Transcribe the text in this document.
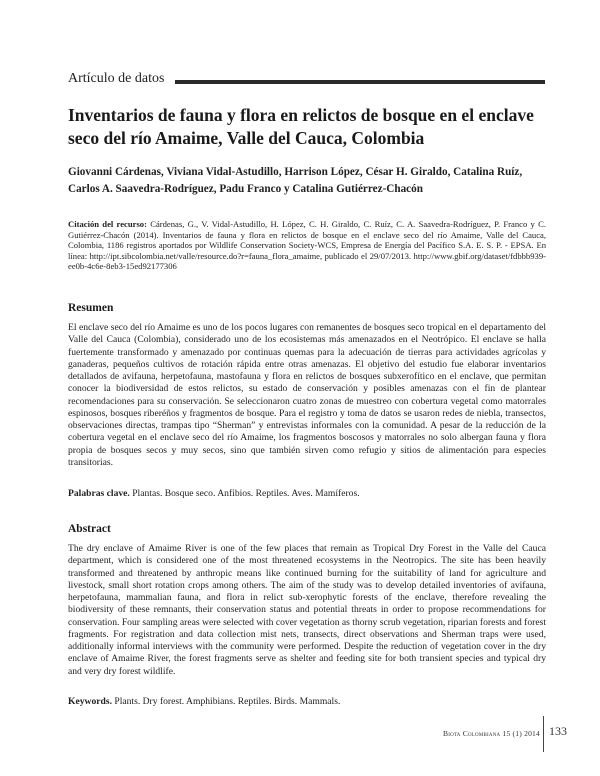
Artículo de datos
Inventarios de fauna y flora en relictos de bosque en el enclave seco del río Amaime, Valle del Cauca, Colombia

Giovanni Cárdenas, Viviana Vidal-Astudillo, Harrison López, César H. Giraldo, Catalina Ruíz, Carlos A. Saavedra-Rodríguez, Padu Franco y Catalina Gutiérrez-Chacón

Citación del recurso: Cárdenas, G., V. Vidal-Astudillo, H. López, C. H. Giraldo, C. Ruíz, C. A. Saavedra-Rodríguez, P. Franco y C. Gutiérrez-Chacón (2014). Inventarios de fauna y flora en relictos de bosque en el enclave seco del río Amaime, Valle del Cauca, Colombia, 1186 registros aportados por Wildlife Conservation Society-WCS, Empresa de Energía del Pacífico S.A. E. S. P. - EPSA. En línea: http://ipt.sibcolombia.net/valle/resource.do?r=fauna_flora_amaime, publicado el 29/07/2013. http://www.gbif.org/dataset/fdbbb939-ee0b-4c6e-8eb3-15ed92177306

Resumen

El enclave seco del río Amaime es uno de los pocos lugares con remanentes de bosques seco tropical en el departamento del Valle del Cauca (Colombia), considerado uno de los ecosistemas más amenazados en el Neotrópico. El enclave se halla fuertemente transformado y amenazado por continuas quemas para la adecuación de tierras para actividades agrícolas y ganaderas, pequeños cultivos de rotación rápida entre otras amenazas. El objetivo del estudio fue elaborar inventarios detallados de avifauna, herpetofauna, mastofauna y flora en relictos de bosques subxerofítico en el enclave, que permitan conocer la biodiversidad de estos relictos, su estado de conservación y posibles amenazas con el fin de plantear recomendaciones para su conservación. Se seleccionaron cuatro zonas de muestreo con cobertura vegetal como matorrales espinosos, bosques riberéños y fragmentos de bosque. Para el registro y toma de datos se usaron redes de niebla, transectos, observaciones directas, trampas tipo “Sherman” y entrevistas informales con la comunidad. A pesar de la reducción de la cobertura vegetal en el enclave seco del río Amaime, los fragmentos boscosos y matorrales no solo albergan fauna y flora propia de bosques secos y muy secos, sino que también sirven como refugio y sitios de alimentación para especies transitorias.

Palabras clave. Plantas. Bosque seco. Anfibios. Reptiles. Aves. Mamíferos.

Abstract

The dry enclave of Amaime River is one of the few places that remain as Tropical Dry Forest in the Valle del Cauca department, which is considered one of the most threatened ecosystems in the Neotropics. The site has been heavily transformed and threatened by anthropic means like continued burning for the suitability of land for agriculture and livestock, small short rotation crops among others. The aim of the study was to develop detailed inventories of avifauna, herpetofauna, mammalian fauna, and flora in relict sub-xerophytic forests of the enclave, therefore revealing the biodiversity of these remnants, their conservation status and potential threats in order to propose recommendations for conservation. Four sampling areas were selected with cover vegetation as thorny scrub vegetation, riparian forests and forest fragments. For registration and data collection mist nets, transects, direct observations and Sherman traps were used, additionally informal interviews with the community were performed. Despite the reduction of vegetation cover in the dry enclave of Amaime River, the forest fragments serve as shelter and feeding site for both transient species and typical dry and very dry forest wildlife.

Keywords. Plants. Dry forest. Amphibians. Reptiles. Birds. Mammals.

Biota Colombiana 15 (1) 2014 133
